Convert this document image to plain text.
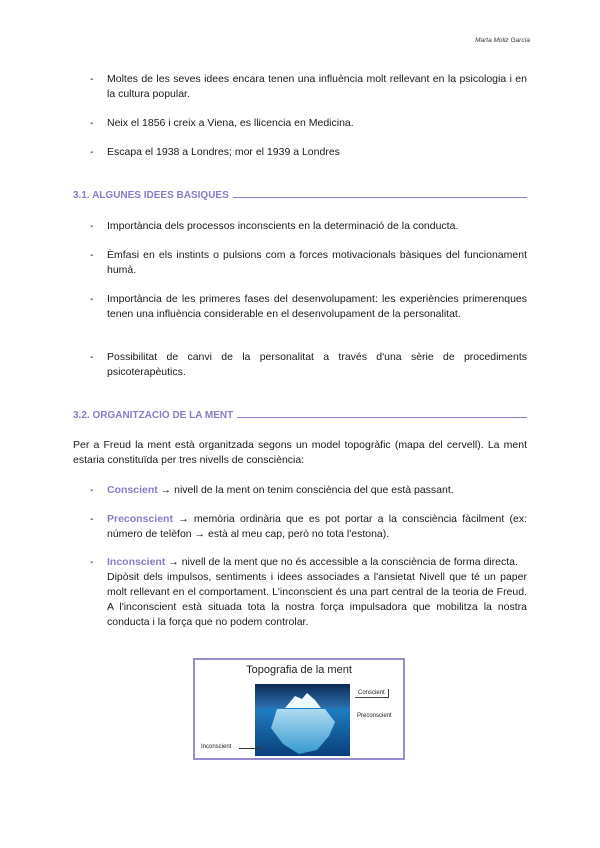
Marta Moliz García
- Moltes de les seves idees encara tenen una influència molt rellevant en la psicologia i en la cultura popular.
- Neix el 1856 i creix a Viena, es llicencia en Medicina.
- Escapa el 1938 a Londres; mor el 1939 a Londres
3.1. ALGUNES IDEES BÀSIQUES
- Importància dels processos inconscients en la determinació de la conducta.
- Èmfasi en els instints o pulsions com a forces motivacionals bàsiques del funcionament humà.
- Importància de les primeres fases del desenvolupament: les experiències primerenques tenen una influència considerable en el desenvolupament de la personalitat.
- Possibilitat de canvi de la personalitat a través d'una sèrie de procediments psicoterapèutics.
3.2. ORGANITZACIÓ DE LA MENT
Per a Freud la ment està organitzada segons un model topogràfic (mapa del cervell). La ment estaria constituïda per tres nivells de consciència:
- Conscient → nivell de la ment on tenim consciència del que està passant.
- Preconscient → memòria ordinària que es pot portar a la consciència fàcilment (ex: número de telèfon → està al meu cap, però no tota l'estona).
- Inconscient → nivell de la ment que no és accessible a la consciència de forma directa.
Dipòsit dels impulsos, sentiments i idees associades a l'ansietat Nivell que té un paper molt rellevant en el comportament. L'inconscient és una part central de la teoria de Freud. A l'inconscient està situada tota la nostra força impulsadora que mobilitza la nostra conducta i la força que no podem controlar.
Topografia de la ment
Conscient
Preconscient
Inconscient
